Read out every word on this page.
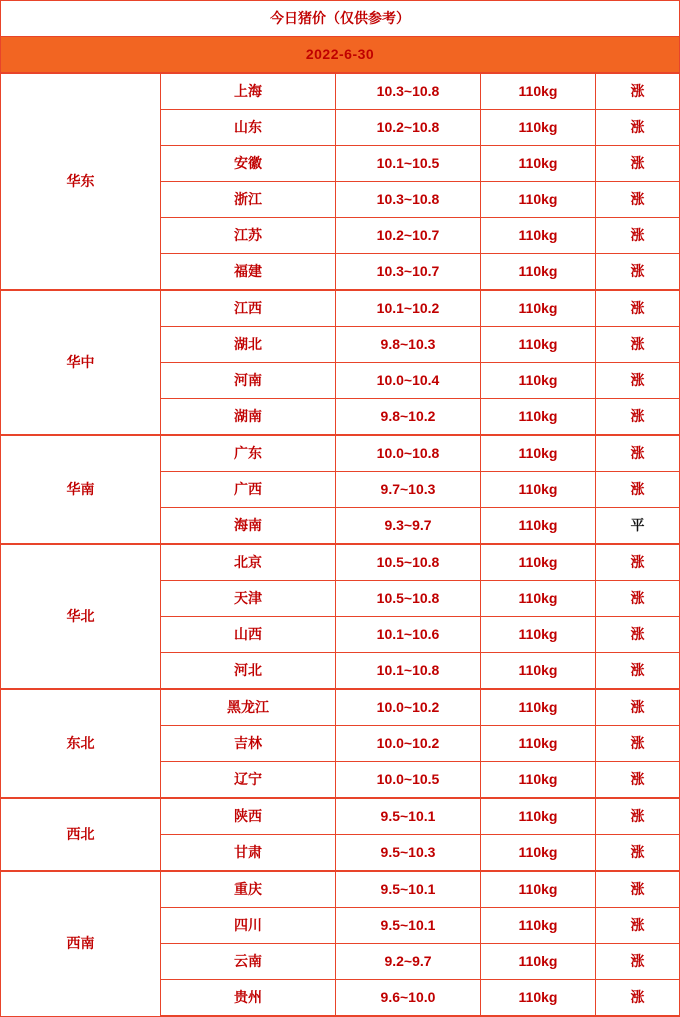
今日猪价（仅供参考）				
2022-6-30				
华东	上海	10.3~10.8	110kg	涨
	山东	10.2~10.8	110kg	涨
	安徽	10.1~10.5	110kg	涨
	浙江	10.3~10.8	110kg	涨
	江苏	10.2~10.7	110kg	涨
	福建	10.3~10.7	110kg	涨
华中	江西	10.1~10.2	110kg	涨
	湖北	9.8~10.3	110kg	涨
	河南	10.0~10.4	110kg	涨
	湖南	9.8~10.2	110kg	涨
华南	广东	10.0~10.8	110kg	涨
	广西	9.7~10.3	110kg	涨
	海南	9.3~9.7	110kg	平
华北	北京	10.5~10.8	110kg	涨
	天津	10.5~10.8	110kg	涨
	山西	10.1~10.6	110kg	涨
	河北	10.1~10.8	110kg	涨
东北	黑龙江	10.0~10.2	110kg	涨
	吉林	10.0~10.2	110kg	涨
	辽宁	10.0~10.5	110kg	涨
西北	陕西	9.5~10.1	110kg	涨
	甘肃	9.5~10.3	110kg	涨
西南	重庆	9.5~10.1	110kg	涨
	四川	9.5~10.1	110kg	涨
	云南	9.2~9.7	110kg	涨
	贵州	9.6~10.0	110kg	涨
